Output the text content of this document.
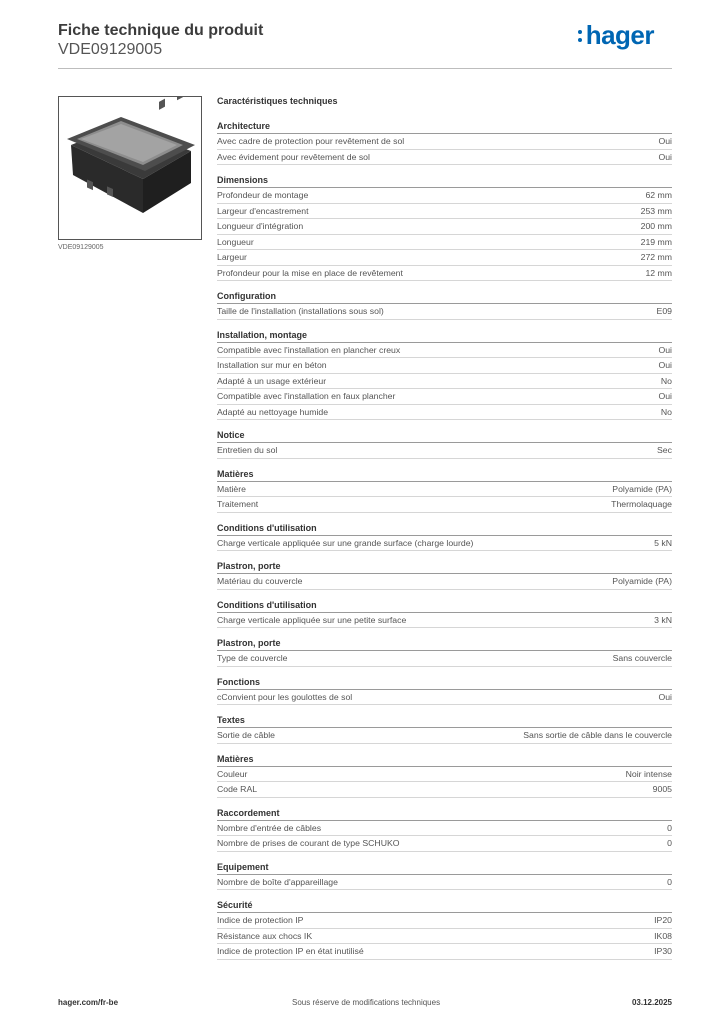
Fiche technique du produit
VDE09129005	hager
VDE09129005
Caractéristiques techniques
Architecture
Avec cadre de protection pour revêtement de sol	Oui
Avec évidement pour revêtement de sol	Oui
Dimensions
Profondeur de montage	62 mm
Largeur d'encastrement	253 mm
Longueur d'intégration	200 mm
Longueur	219 mm
Largeur	272 mm
Profondeur pour la mise en place de revêtement	12 mm
Configuration
Taille de l'installation (installations sous sol)	E09
Installation, montage
Compatible avec l'installation en plancher creux	Oui
Installation sur mur en béton	Oui
Adapté à un usage extérieur	No
Compatible avec l'installation en faux plancher	Oui
Adapté au nettoyage humide	No
Notice
Entretien du sol	Sec
Matières
Matière	Polyamide (PA)
Traitement	Thermolaquage
Conditions d'utilisation
Charge verticale appliquée sur une grande surface (charge lourde)	5 kN
Plastron, porte
Matériau du couvercle	Polyamide (PA)
Conditions d'utilisation
Charge verticale appliquée sur une petite surface	3 kN
Plastron, porte
Type de couvercle	Sans couvercle
Fonctions
cConvient pour les goulottes de sol	Oui
Textes
Sortie de câble	Sans sortie de câble dans le couvercle
Matières
Couleur	Noir intense
Code RAL	9005
Raccordement
Nombre d'entrée de câbles	0
Nombre de prises de courant de type SCHUKO	0
Equipement
Nombre de boîte d'appareillage	0
Sécurité
Indice de protection IP	IP20
Résistance aux chocs IK	IK08
Indice de protection IP en état inutilisé	IP30
hager.com/fr-be	Sous réserve de modifications techniques	03.12.2025
